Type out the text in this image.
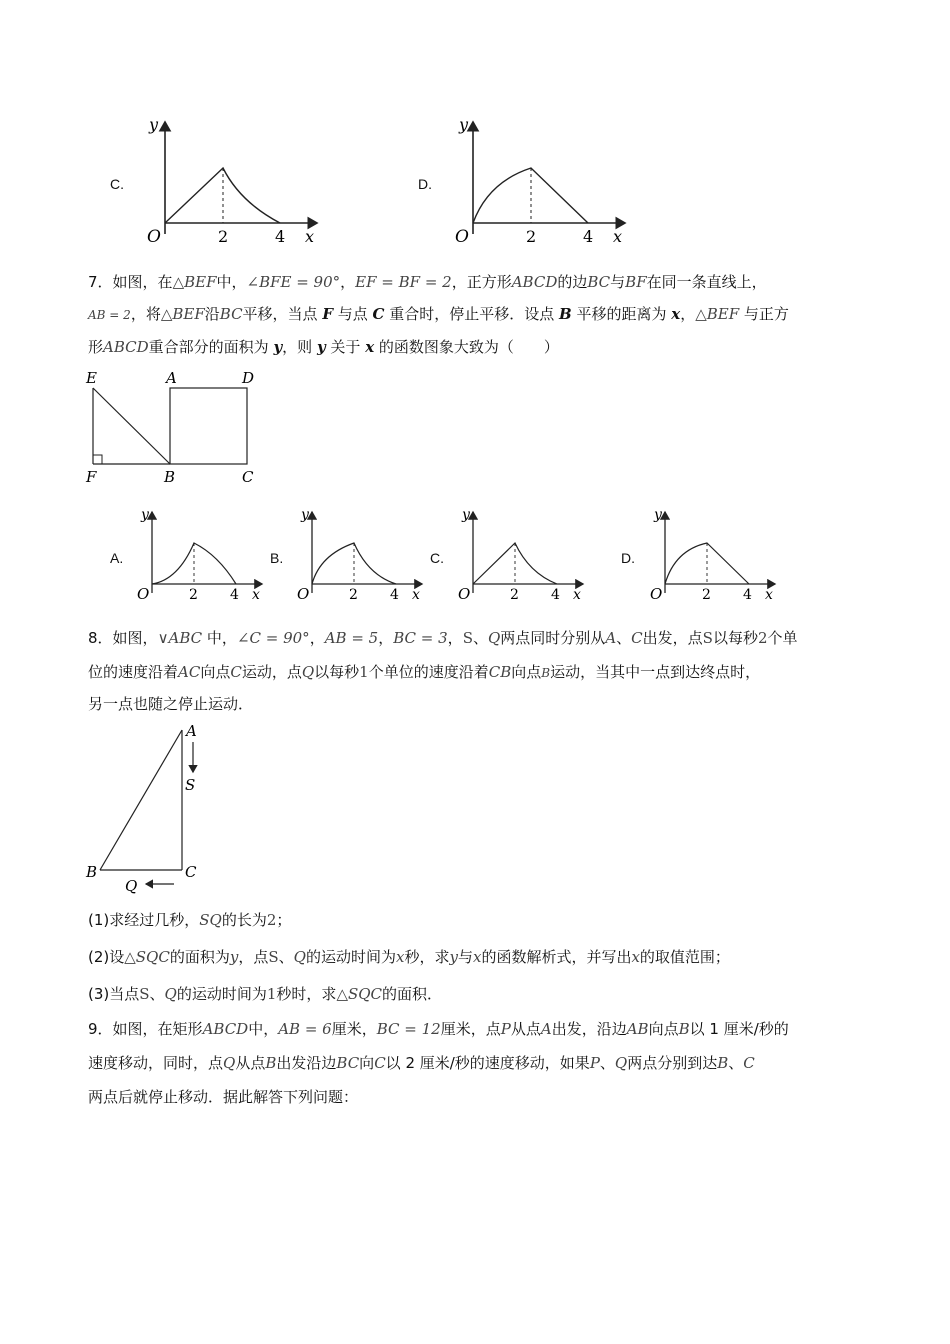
C.
y
x
O	2	4
D.
y
x
O	2	4
7．如图，在△BEF中，∠BFE = 90°，EF = BF = 2，正方形ABCD的边BC与BF在同一条直线上，
AB = 2，将△BEF沿BC平移，当点 F 与点 C 重合时，停止平移．设点 B 平移的距离为 x，△BEF 与正方
形ABCD重合部分的面积为 y，则 y 关于 x 的函数图象大致为（　　）
E	A	D
F	B	C
A.
y
x
O	2 4
B.
y
x
O	2 4
C.
y
x
O	2 4
D.
y
x
O	2 4
8．如图，∨ABC 中，∠C = 90°，AB = 5，BC = 3，S、Q两点同时分别从A、C出发，点S以每秒2个单
位的速度沿着AC向点C运动，点Q以每秒1个单位的速度沿着CB向点B运动，当其中一点到达终点时，
另一点也随之停止运动．
A
S
B	C
Q
(1)求经过几秒，SQ的长为2；
(2)设△SQC的面积为y，点S、Q的运动时间为x秒，求y与x的函数解析式，并写出x的取值范围；
(3)当点S、Q的运动时间为1秒时，求△SQC的面积．
9．如图，在矩形ABCD中，AB = 6厘米，BC = 12厘米，点P从点A出发，沿边AB向点B以 1 厘米/秒的
速度移动，同时，点Q从点B出发沿边BC向C以 2 厘米/秒的速度移动，如果P、Q两点分别到达B、C
两点后就停止移动．据此解答下列问题：
